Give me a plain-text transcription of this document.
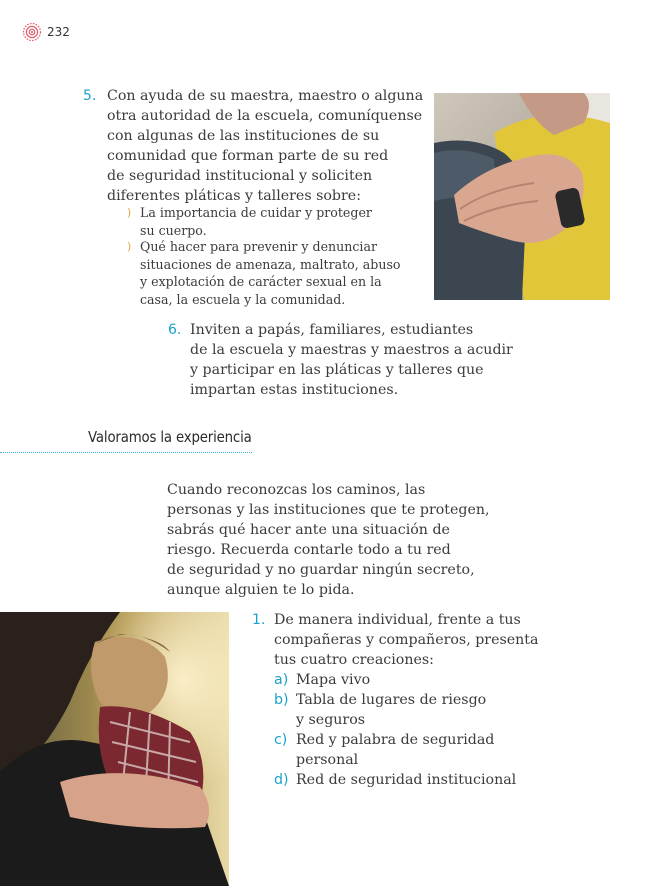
232
5. Con ayuda de su maestra, maestro o alguna
otra autoridad de la escuela, comuníquense
con algunas de las instituciones de su
comunidad que forman parte de su red
de seguridad institucional y soliciten
diferentes pláticas y talleres sobre:
) La importancia de cuidar y proteger
su cuerpo.
) Qué hacer para prevenir y denunciar
situaciones de amenaza, maltrato, abuso
y explotación de carácter sexual en la
casa, la escuela y la comunidad.
6. Inviten a papás, familiares, estudiantes
de la escuela y maestras y maestros a acudir
y participar en las pláticas y talleres que
impartan estas instituciones.
Valoramos la experiencia
Cuando reconozcas los caminos, las
personas y las instituciones que te protegen,
sabrás qué hacer ante una situación de
riesgo. Recuerda contarle todo a tu red
de seguridad y no guardar ningún secreto,
aunque alguien te lo pida.
1. De manera individual, frente a tus
compañeras y compañeros, presenta
tus cuatro creaciones:
a) Mapa vivo
b) Tabla de lugares de riesgo
y seguros
c) Red y palabra de seguridad
personal
d) Red de seguridad institucional
